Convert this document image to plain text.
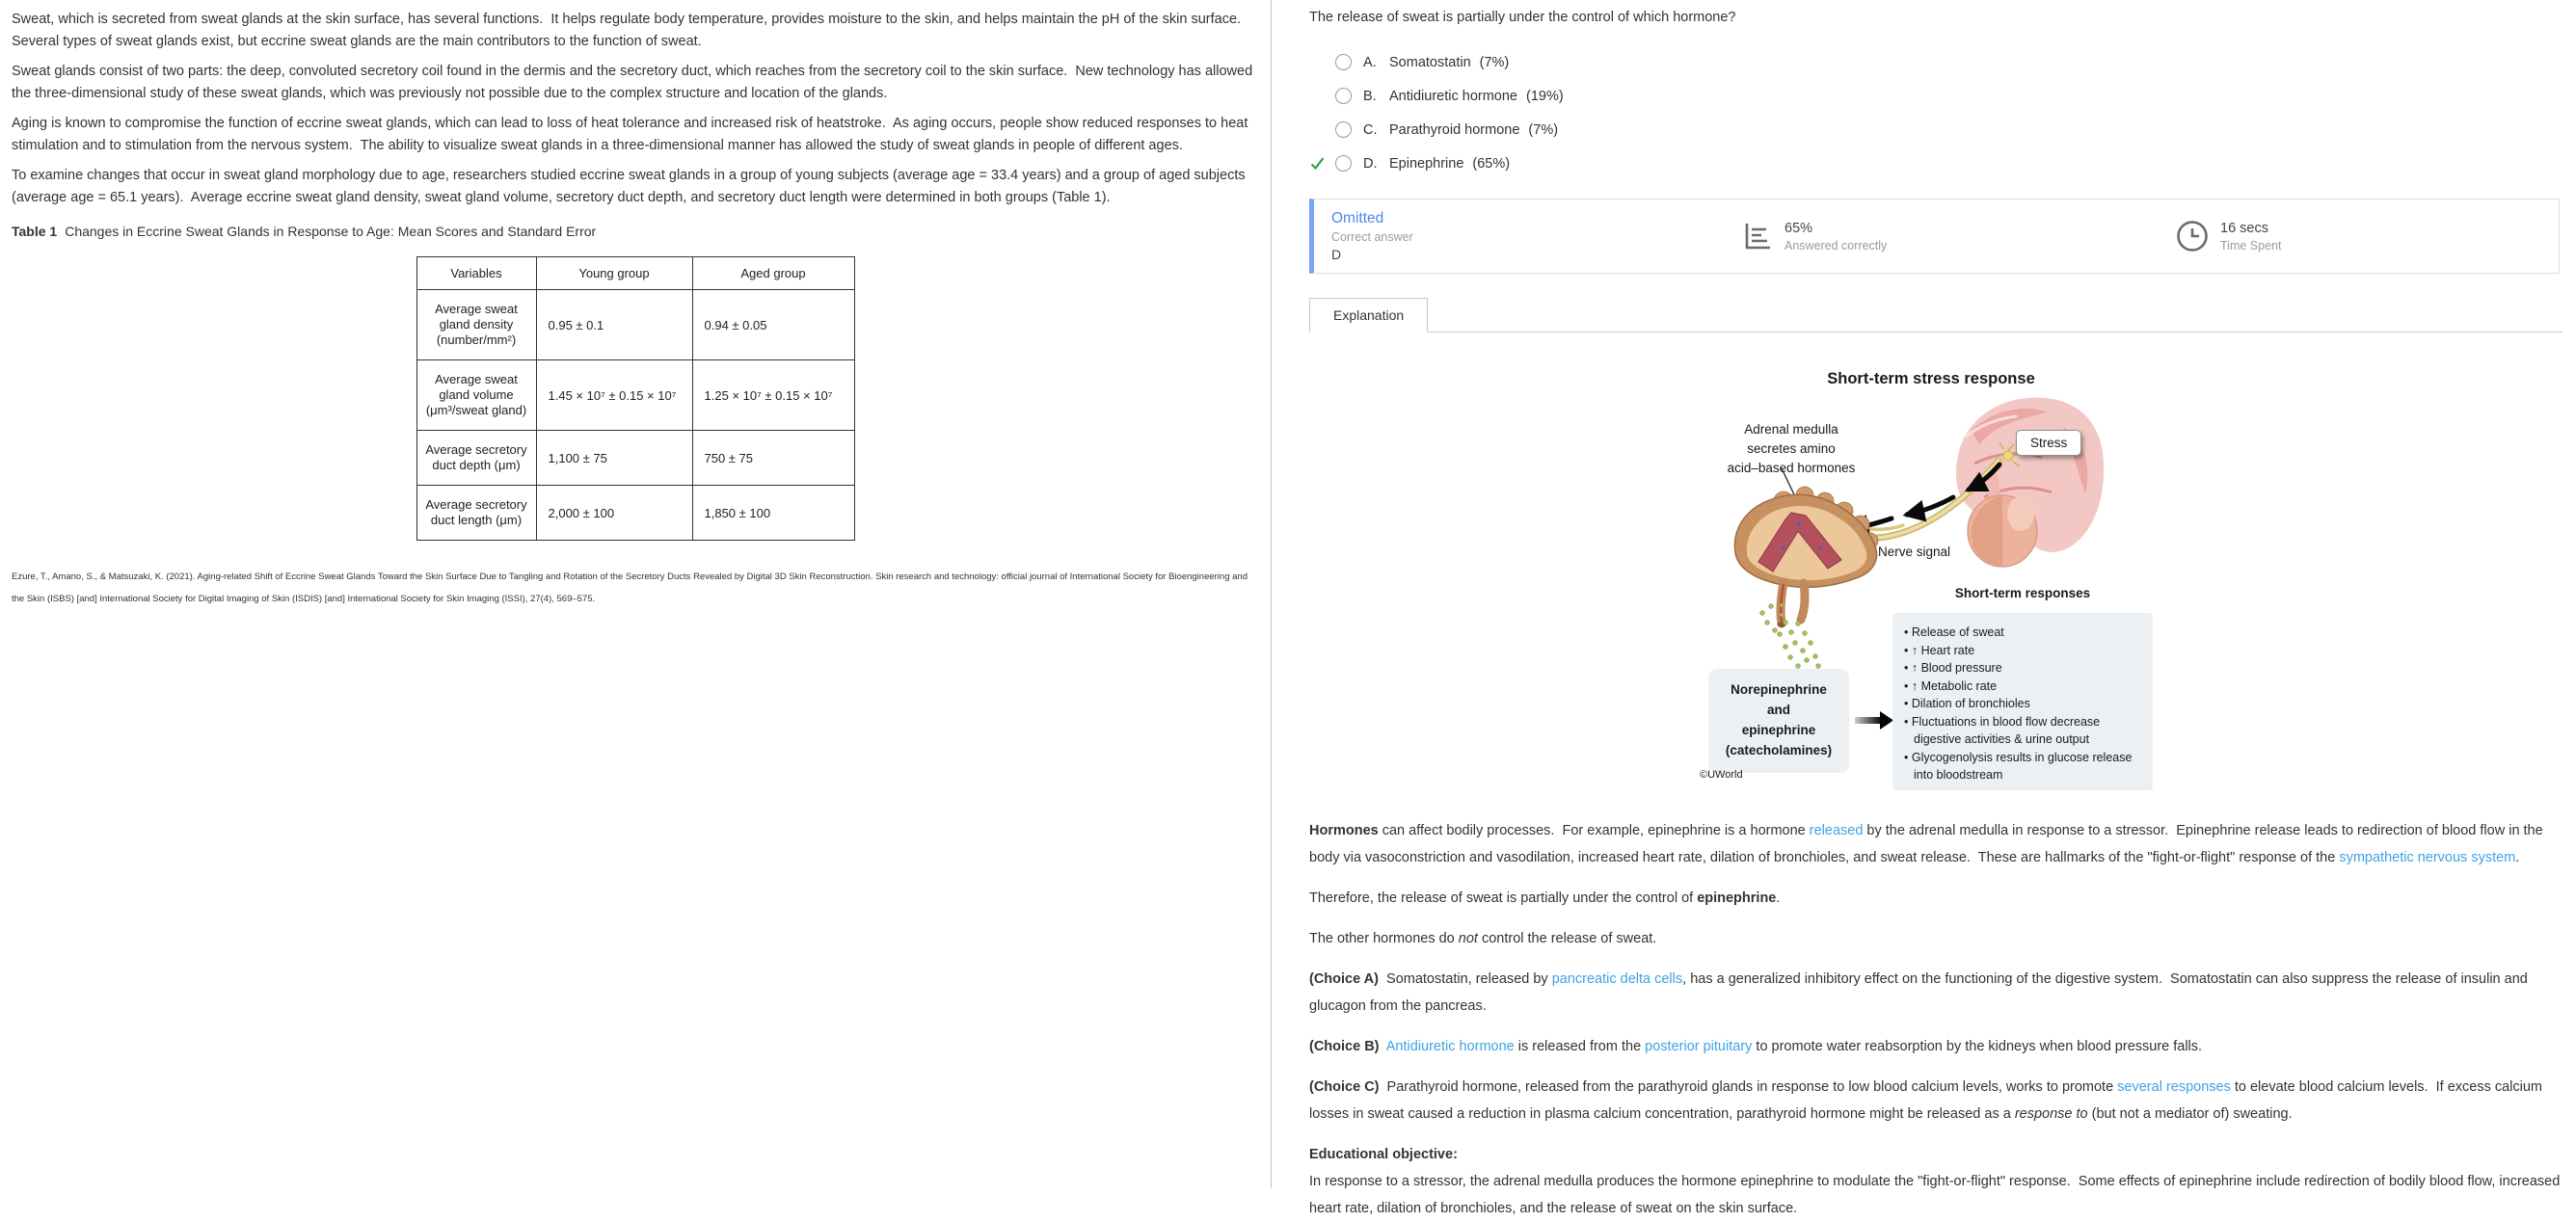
Sweat, which is secreted from sweat glands at the skin surface, has several functions.  It helps regulate body temperature, provides moisture to the skin, and helps maintain the pH of the skin surface.  Several types of sweat glands exist, but eccrine sweat glands are the main contributors to the function of sweat.

Sweat glands consist of two parts: the deep, convoluted secretory coil found in the dermis and the secretory duct, which reaches from the secretory coil to the skin surface.  New technology has allowed the three-dimensional study of these sweat glands, which was previously not possible due to the complex structure and location of the glands.

Aging is known to compromise the function of eccrine sweat glands, which can lead to loss of heat tolerance and increased risk of heatstroke.  As aging occurs, people show reduced responses to heat stimulation and to stimulation from the nervous system.  The ability to visualize sweat glands in a three-dimensional manner has allowed the study of sweat glands in people of different ages.

To examine changes that occur in sweat gland morphology due to age, researchers studied eccrine sweat glands in a group of young subjects (average age = 33.4 years) and a group of aged subjects (average age = 65.1 years).  Average eccrine sweat gland density, sweat gland volume, secretory duct depth, and secretory duct length were determined in both groups (Table 1).

Table 1 Changes in Eccrine Sweat Glands in Response to Age: Mean Scores and Standard Error
Variables	Young group	Aged group
Average sweat gland density (number/mm²)	0.95 ± 0.1	0.94 ± 0.05
Average sweat gland volume (μm³/sweat gland)	1.45 × 10⁷ ± 0.15 × 10⁷	1.25 × 10⁷ ± 0.15 × 10⁷
Average secretory duct depth (μm)	1,100 ± 75	750 ± 75
Average secretory duct length (μm)	2,000 ± 100	1,850 ± 100
Ezure, T., Amano, S., & Matsuzaki, K. (2021). Aging-related Shift of Eccrine Sweat Glands Toward the Skin Surface Due to Tangling and Rotation of the Secretory Ducts Revealed by Digital 3D Skin Reconstruction. Skin research and technology: official journal of International Society for Bioengineering and the Skin (ISBS) [and] International Society for Digital Imaging of Skin (ISDIS) [and] International Society for Skin Imaging (ISSI), 27(4), 569–575.
The release of sweat is partially under the control of which hormone?
A. Somatostatin (7%)
B. Antidiuretic hormone (19%)
C. Parathyroid hormone (7%)
D. Epinephrine (65%)
Omitted
Correct answer
D
65%
Answered correctly
16 secs
Time Spent
Explanation
Short-term stress response
Adrenal medulla
secretes amino
acid–based hormones
Stress
Nerve signal
Short-term responses
• Release of sweat
• ↑ Heart rate
• ↑ Blood pressure
• ↑ Metabolic rate
• Dilation of bronchioles
• Fluctuations in blood flow decrease digestive activities & urine output
• Glycogenolysis results in glucose release into bloodstream
Norepinephrine
and
epinephrine
(catecholamines)
©UWorld

Hormones can affect bodily processes.  For example, epinephrine is a hormone released by the adrenal medulla in response to a stressor.  Epinephrine release leads to redirection of blood flow in the body via vasoconstriction and vasodilation, increased heart rate, dilation of bronchioles, and sweat release.  These are hallmarks of the "fight-or-flight" response of the sympathetic nervous system.

Therefore, the release of sweat is partially under the control of epinephrine.

The other hormones do not control the release of sweat.

(Choice A)  Somatostatin, released by pancreatic delta cells, has a generalized inhibitory effect on the functioning of the digestive system.  Somatostatin can also suppress the release of insulin and glucagon from the pancreas.

(Choice B) Antidiuretic hormone is released from the posterior pituitary to promote water reabsorption by the kidneys when blood pressure falls.

(Choice C)  Parathyroid hormone, released from the parathyroid glands in response to low blood calcium levels, works to promote several responses to elevate blood calcium levels.  If excess calcium losses in sweat caused a reduction in plasma calcium concentration, parathyroid hormone might be released as a response to (but not a mediator of) sweating.

Educational objective:

In response to a stressor, the adrenal medulla produces the hormone epinephrine to modulate the "fight-or-flight" response.  Some effects of epinephrine include redirection of bodily blood flow, increased heart rate, dilation of bronchioles, and the release of sweat on the skin surface.
